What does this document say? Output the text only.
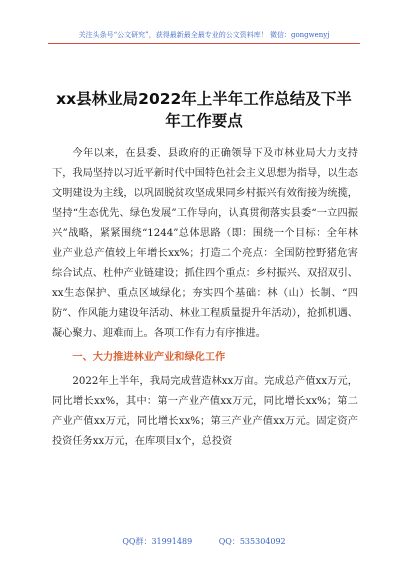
关注头条号“公文研究”，获得最新最全最专业的公文资料库！ 微信：gongwenyj
xx县林业局2022年上半年工作总结及下半年工作要点

今年以来，在县委、县政府的正确领导下及市林业局大力支持下，我局坚持以习近平新时代中国特色社会主义思想为指导，以生态文明建设为主线，以巩固脱贫攻坚成果同乡村振兴有效衔接为统揽，坚持“生态优先、绿色发展”工作导向，认真贯彻落实县委“一立四振兴”战略，紧紧围绕“1244”总体思路（即：围绕一个目标：全年林业产业总产值较上年增长xx%；打造二个亮点：全国防控野猪危害综合试点、杜仲产业链建设；抓住四个重点：乡村振兴、双招双引、xx生态保护、重点区域绿化；夯实四个基础：林（山）长制、“四防”、作风能力建设年活动、林业工程质量提升年活动），抢抓机遇、凝心聚力、迎难而上。各项工作有力有序推进。

一、大力推进林业产业和绿化工作

2022年上半年，我局完成营造林xx万亩。完成总产值xx万元，同比增长xx%，其中：第一产业产值xx万元，同比增长xx%；第二产业产值xx万元，同比增长xx%；第三产业产值xx万元。固定资产投资任务xx万元，在库项目x个，总投资

QQ群：31991489	QQ：535304092
